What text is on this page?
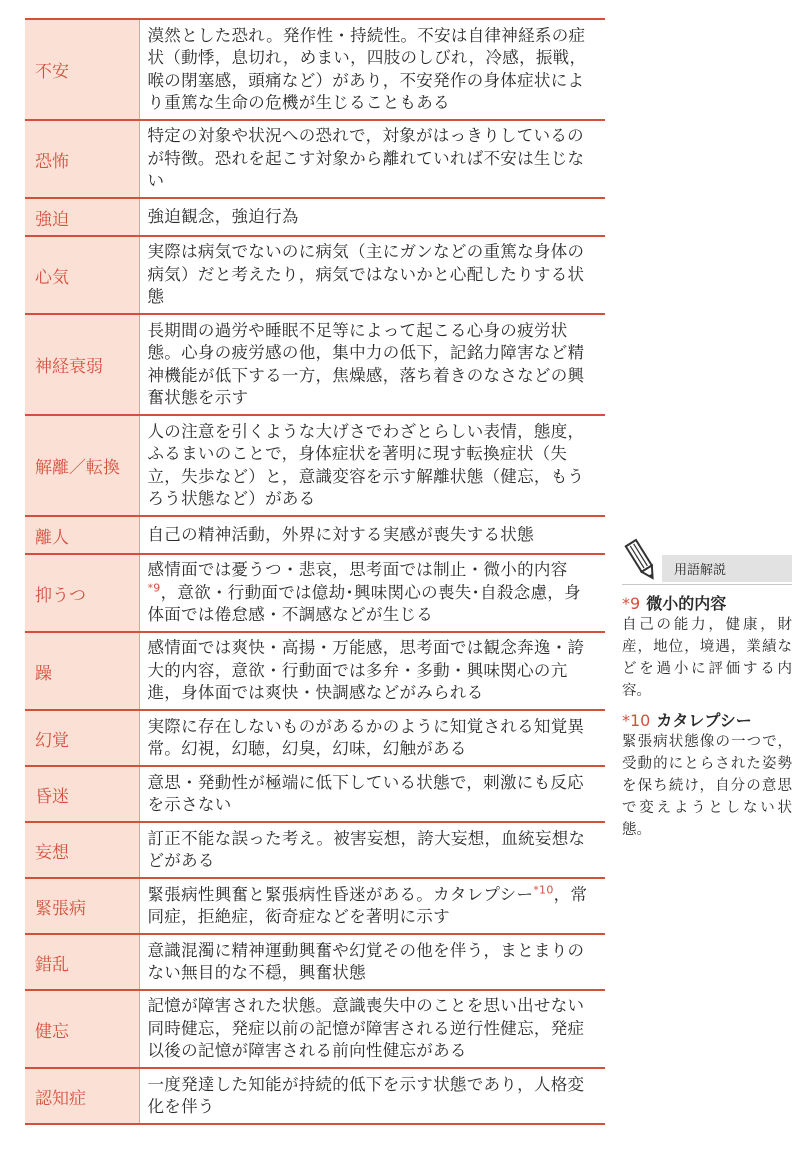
不安	漠然とした恐れ。発作性・持続性。不安は自律神経系の症状（動悸，息切れ，めまい，四肢のしびれ，冷感，振戦，喉の閉塞感，頭痛など）があり，不安発作の身体症状により重篤な生命の危機が生じることもある
恐怖	特定の対象や状況への恐れで，対象がはっきりしているのが特徴。恐れを起こす対象から離れていれば不安は生じない
強迫	強迫観念，強迫行為
心気	実際は病気でないのに病気（主にガンなどの重篤な身体の病気）だと考えたり，病気ではないかと心配したりする状態
神経衰弱	長期間の過労や睡眠不足等によって起こる心身の疲労状態。心身の疲労感の他，集中力の低下，記銘力障害など精神機能が低下する一方，焦燥感，落ち着きのなさなどの興奮状態を示す
解離／転換	人の注意を引くような大げさでわざとらしい表情，態度，ふるまいのことで，身体症状を著明に現す転換症状（失立，失歩など）と，意識変容を示す解離状態（健忘，もうろう状態など）がある
離人	自己の精神活動，外界に対する実感が喪失する状態
抑うつ	感情面では憂うつ・悲哀，思考面では制止・微小的内容$^{*9}$，意欲・行動面では億劫･興味関心の喪失･自殺念慮，身体面では倦怠感・不調感などが生じる
躁	感情面では爽快・高揚・万能感，思考面では観念奔逸・誇大的内容，意欲・行動面では多弁・多動・興味関心の亢進，身体面では爽快・快調感などがみられる
幻覚	実際に存在しないものがあるかのように知覚される知覚異常。幻視，幻聴，幻臭，幻味，幻触がある
昏迷	意思・発動性が極端に低下している状態で，刺激にも反応を示さない
妄想	訂正不能な誤った考え。被害妄想，誇大妄想，血統妄想などがある
緊張病	緊張病性興奮と緊張病性昏迷がある。カタレプシー$^{*10}$，常同症，拒絶症，衒奇症などを著明に示す
錯乱	意識混濁に精神運動興奮や幻覚その他を伴う，まとまりのない無目的な不穏，興奮状態
健忘	記憶が障害された状態。意識喪失中のことを思い出せない同時健忘，発症以前の記憶が障害される逆行性健忘，発症以後の記憶が障害される前向性健忘がある
認知症	一度発達した知能が持続的低下を示す状態であり，人格変化を伴う
用語解説
*9 微小的内容
自己の能力，健康，財産，地位，境遇，業績などを過小に評価する内容。
*10 カタレプシー
緊張病状態像の一つで，受動的にとらされた姿勢を保ち続け，自分の意思で変えようとしない状態。
